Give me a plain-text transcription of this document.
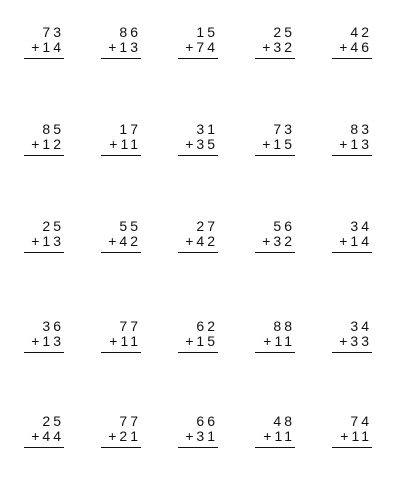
73
+14
86
+13
15
+74
25
+32
42
+46
85
+12
17
+11
31
+35
73
+15
83
+13
25
+13
55
+42
27
+42
56
+32
34
+14
36
+13
77
+11
62
+15
88
+11
34
+33
25
+44
77
+21
66
+31
48
+11
74
+11
